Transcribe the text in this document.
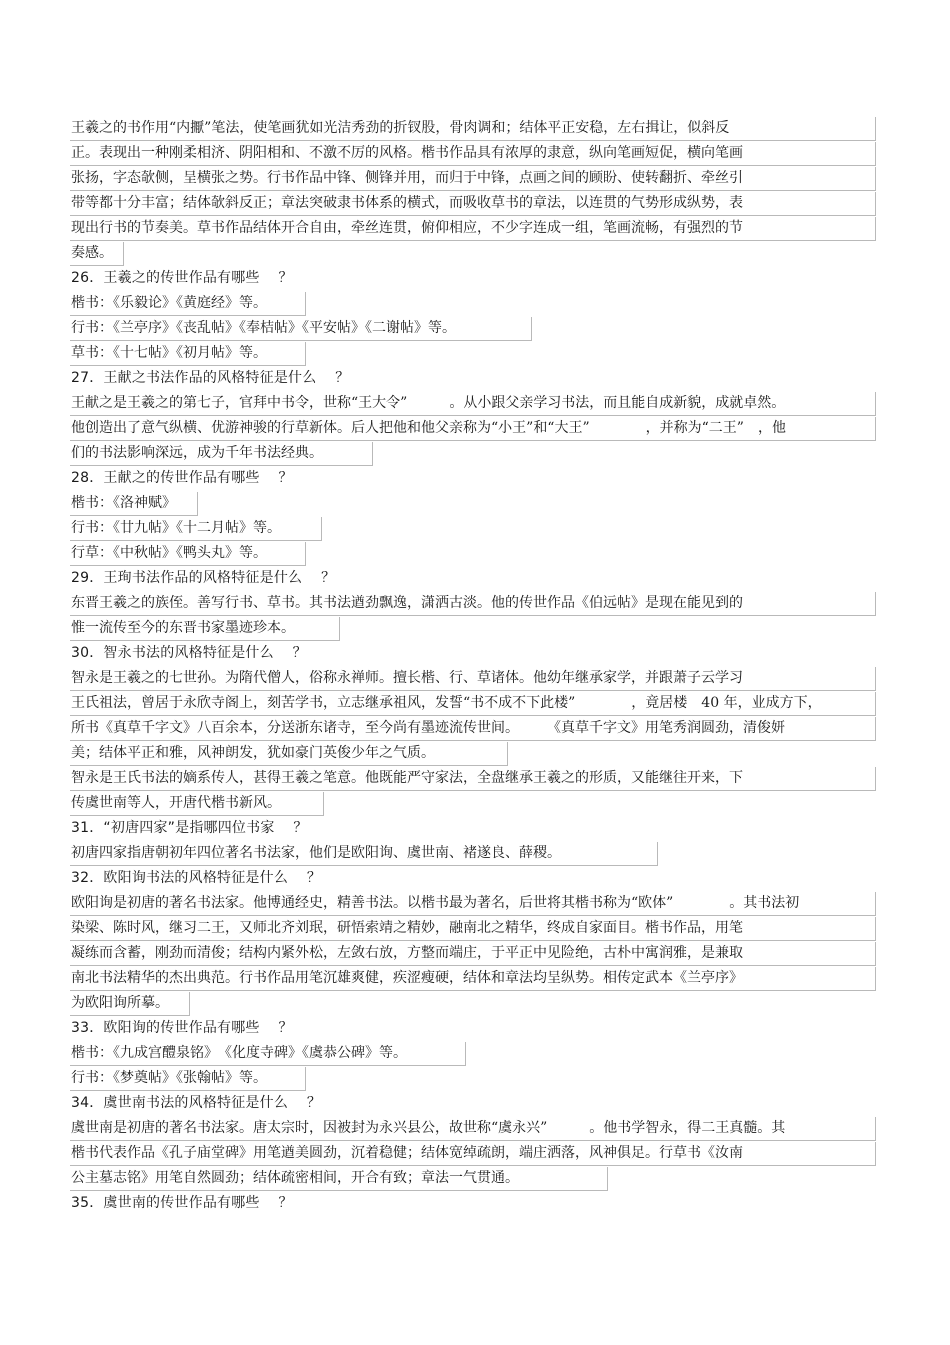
王羲之的书作用“内擫”笔法，使笔画犹如光洁秀劲的折钗股，骨肉调和；结体平正安稳，左右揖让，似斜反
正。表现出一种刚柔相济、阴阳相和、不激不厉的风格。楷书作品具有浓厚的隶意，纵向笔画短促，横向笔画
张扬，字态欹侧，呈横张之势。行书作品中锋、侧锋并用，而归于中锋，点画之间的顾盼、使转翻折、牵丝引
带等都十分丰富；结体欹斜反正；章法突破隶书体系的横式，而吸收草书的章法，以连贯的气势形成纵势，表
现出行书的节奏美。草书作品结体开合自由，牵丝连贯，俯仰相应，不少字连成一组，笔画流畅，有强烈的节
奏感。
26．王羲之的传世作品有哪些　 ？
楷书：《乐毅论》《黄庭经》等。
行书：《兰亭序》《丧乱帖》《奉桔帖》《平安帖》《二谢帖》等。
草书：《十七帖》《初月帖》等。
27．王献之书法作品的风格特征是什么　 ？
王献之是王羲之的第七子，官拜中书令，世称“王大令”　　　。从小跟父亲学习书法，而且能自成新貌，成就卓然。
他创造出了意气纵横、优游神骏的行草新体。后人把他和他父亲称为“小王”和“大王”　　　　，并称为“二王”　，他
们的书法影响深远，成为千年书法经典。
28．王献之的传世作品有哪些　 ？
楷书：《洛神赋》
行书：《廿九帖》《十二月帖》等。
行草：《中秋帖》《鸭头丸》等。
29．王珣书法作品的风格特征是什么　 ？
东晋王羲之的族侄。善写行书、草书。其书法遒劲飘逸，潇洒古淡。他的传世作品《伯远帖》是现在能见到的
惟一流传至今的东晋书家墨迹珍本。
30．智永书法的风格特征是什么　 ？
智永是王羲之的七世孙。为隋代僧人，俗称永禅师。擅长楷、行、草诸体。他幼年继承家学，并跟萧子云学习
王氏祖法，曾居于永欣寺阁上，刻苦学书，立志继承祖风，发誓“书不成不下此楼”　　　　，竟居楼　40 年，业成方下，
所书《真草千字文》八百余本，分送浙东诸寺，至今尚有墨迹流传世间。　　　《真草千字文》用笔秀润圆劲，清俊妍
美；结体平正和雅，风神朗发，犹如豪门英俊少年之气质。
智永是王氏书法的嫡系传人，甚得王羲之笔意。他既能严守家法，全盘继承王羲之的形质，又能继往开来，下
传虞世南等人，开唐代楷书新风。
31．“初唐四家”是指哪四位书家　 ？
初唐四家指唐朝初年四位著名书法家，他们是欧阳询、虞世南、褚遂良、薛稷。
32．欧阳询书法的风格特征是什么　 ？
欧阳询是初唐的著名书法家。他博通经史，精善书法。以楷书最为著名，后世将其楷书称为“欧体”　　　　。其书法初
染梁、陈时风，继习二王，又师北齐刘珉，研悟索靖之精妙，融南北之精华，终成自家面目。楷书作品，用笔
凝练而含蓄，刚劲而清俊；结构内紧外松，左敛右放，方整而端庄，于平正中见险绝，古朴中寓润雅，是兼取
南北书法精华的杰出典范。行书作品用笔沉雄爽健，疾涩瘦硬，结体和章法均呈纵势。相传定武本《兰亭序》
为欧阳询所摹。
33．欧阳询的传世作品有哪些　 ？
楷书：《九成宫醴泉铭》　《化度寺碑》《虞恭公碑》等。
行书：《梦奠帖》《张翰帖》等。
34．虞世南书法的风格特征是什么　 ？
虞世南是初唐的著名书法家。唐太宗时，因被封为永兴县公，故世称“虞永兴”　　　。他书学智永，得二王真髓。其
楷书代表作品《孔子庙堂碑》用笔遒美圆劲，沉着稳健；结体宽绰疏朗，端庄洒落，风神俱足。行草书《汝南
公主墓志铭》用笔自然圆劲；结体疏密相间，开合有致；章法一气贯通。
35．虞世南的传世作品有哪些　 ？
